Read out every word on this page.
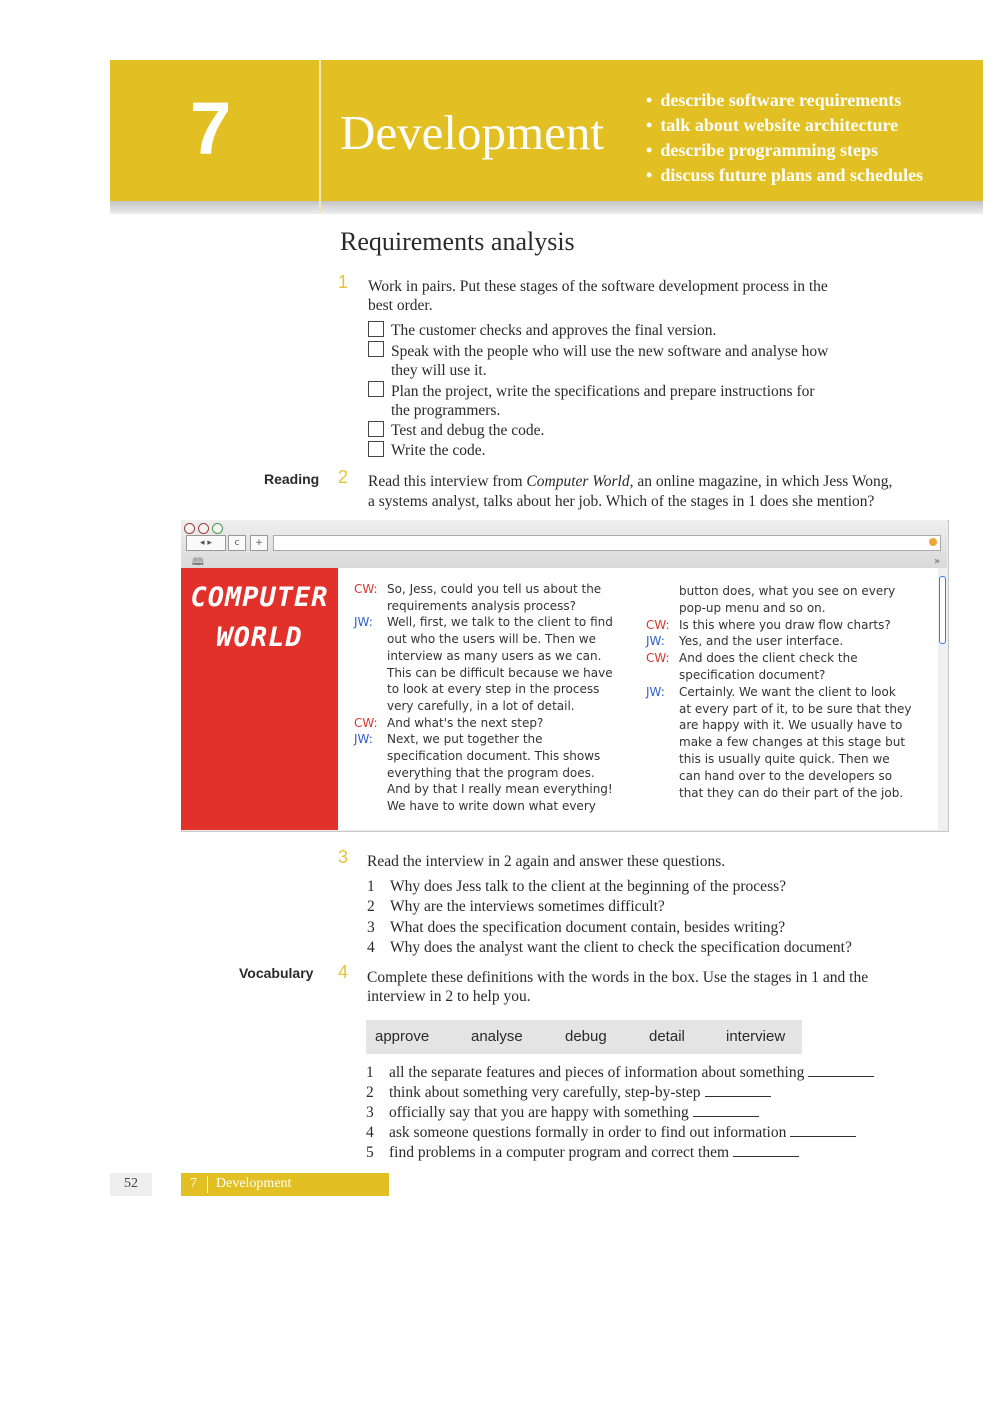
7 Development
• describe software requirements
• talk about website architecture
• describe programming steps
• discuss future plans and schedules
Requirements analysis
1 Work in pairs. Put these stages of the software development process in the
best order.
The customer checks and approves the final version.
Speak with the people who will use the new software and analyse how
they will use it.
Plan the project, write the specifications and prepare instructions for
the programmers.
Test and debug the code.
Write the code.
Reading 2 Read this interview from Computer World, an online magazine, in which Jess Wong,
a systems analyst, talks about her job. Which of the stages in 1 does she mention?
◂ ▸	c	+
🕮	»
COMPUTER
WORLD
CW: So, Jess, could you tell us about the
requirements analysis process?
JW: Well, first, we talk to the client to find
out who the users will be. Then we
interview as many users as we can.
This can be difficult because we have
to look at every step in the process
very carefully, in a lot of detail.
CW: And what's the next step?
JW: Next, we put together the
specification document. This shows
everything that the program does.
And by that I really mean everything!
We have to write down what every
button does, what you see on every
pop-up menu and so on.
CW: Is this where you draw flow charts?
JW: Yes, and the user interface.
CW: And does the client check the
specification document?
JW: Certainly. We want the client to look
at every part of it, to be sure that they
are happy with it. We usually have to
make a few changes at this stage but
this is usually quite quick. Then we
can hand over to the developers so
that they can do their part of the job.
3 Read the interview in 2 again and answer these questions.
1 Why does Jess talk to the client at the beginning of the process?
2 Why are the interviews sometimes difficult?
3 What does the specification document contain, besides writing?
4 Why does the analyst want the client to check the specification document?
Vocabulary 4 Complete these definitions with the words in the box. Use the stages in 1 and the
interview in 2 to help you.
approve	analyse	debug	detail	interview
1 all the separate features and pieces of information about something
2 think about something very carefully, step-by-step
3 officially say that you are happy with something
4 ask someone questions formally in order to find out information
5 find problems in a computer program and correct them
52	7 Development
